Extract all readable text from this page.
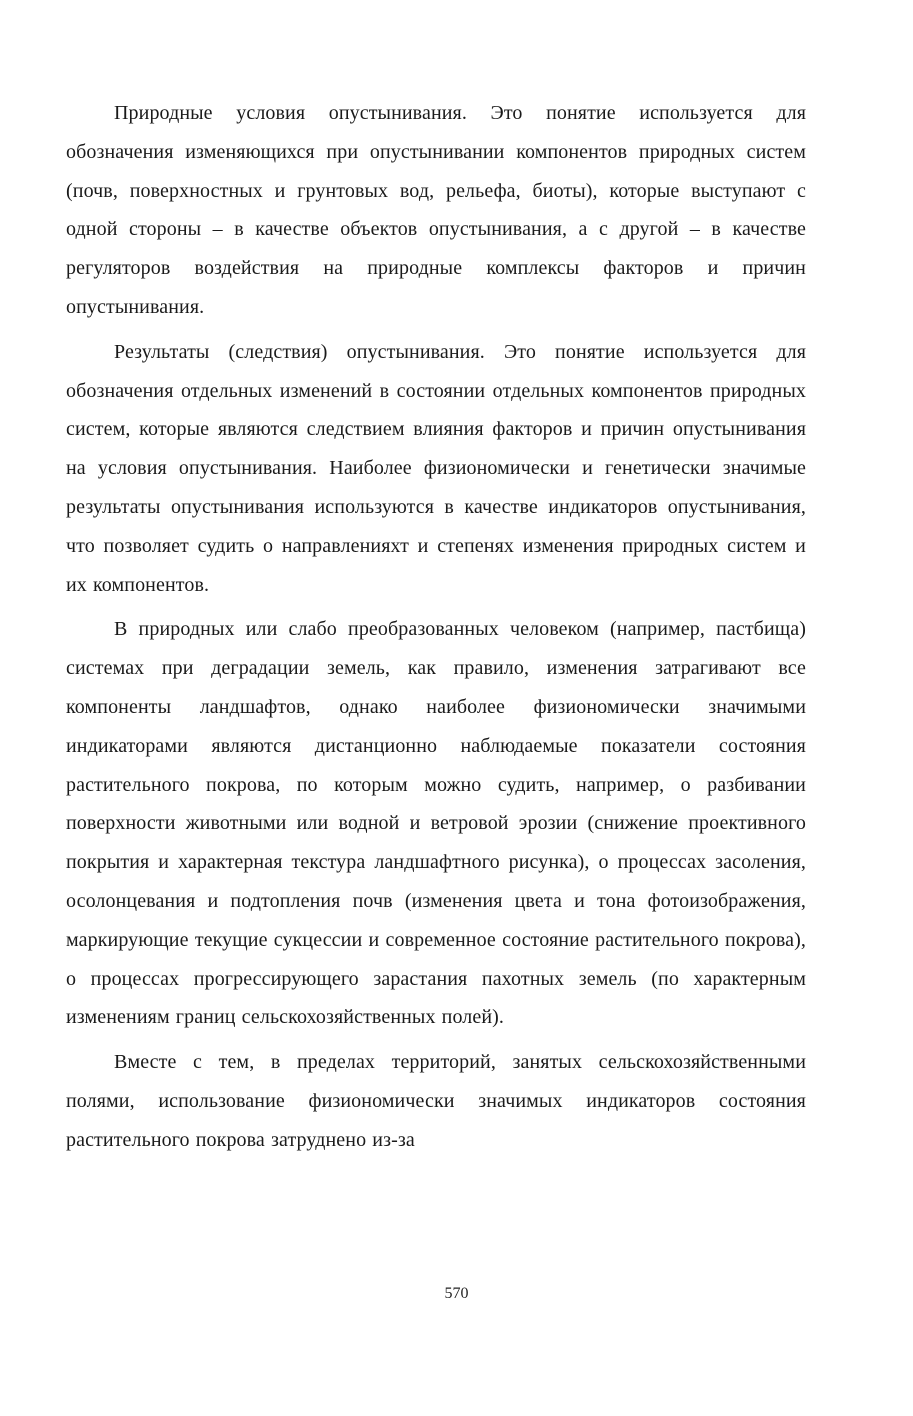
Природные условия опустынивания. Это понятие используется для обозначения изменяющихся при опустынивании компонентов природных систем (почв, поверхностных и грунтовых вод, рельефа, биоты), которые выступают с одной стороны – в качестве объектов опустынивания, а с другой – в качестве регуляторов воздействия на природные комплексы факторов и причин опустынивания.

Результаты (следствия) опустынивания. Это понятие используется для обозначения отдельных изменений в состоянии отдельных компонентов природных систем, которые являются следствием влияния факторов и причин опустынивания на условия опустынивания. Наиболее физиономически и генетически значимые результаты опустынивания используются в качестве индикаторов опустынивания, что позволяет судить о направленияхт и степенях изменения природных систем и их компонентов.

В природных или слабо преобразованных человеком (например, пастбища) системах при деградации земель, как правило, изменения затрагивают все компоненты ландшафтов, однако наиболее физиономически значимыми индикаторами являются дистанционно наблюдаемые показатели состояния растительного покрова, по которым можно судить, например, о разбивании поверхности животными или водной и ветровой эрозии (снижение проективного покрытия и характерная текстура ландшафтного рисунка), о процессах засоления, осолонцевания и подтопления почв (изменения цвета и тона фотоизображения, маркирующие текущие сукцессии и современное состояние растительного покрова), о процессах прогрессирующего зарастания пахотных земель (по характерным изменениям границ сельскохозяйственных полей).

Вместе с тем, в пределах территорий, занятых сельскохозяйственными полями, использование физиономически значимых индикаторов состояния растительного покрова затруднено из-за

570
